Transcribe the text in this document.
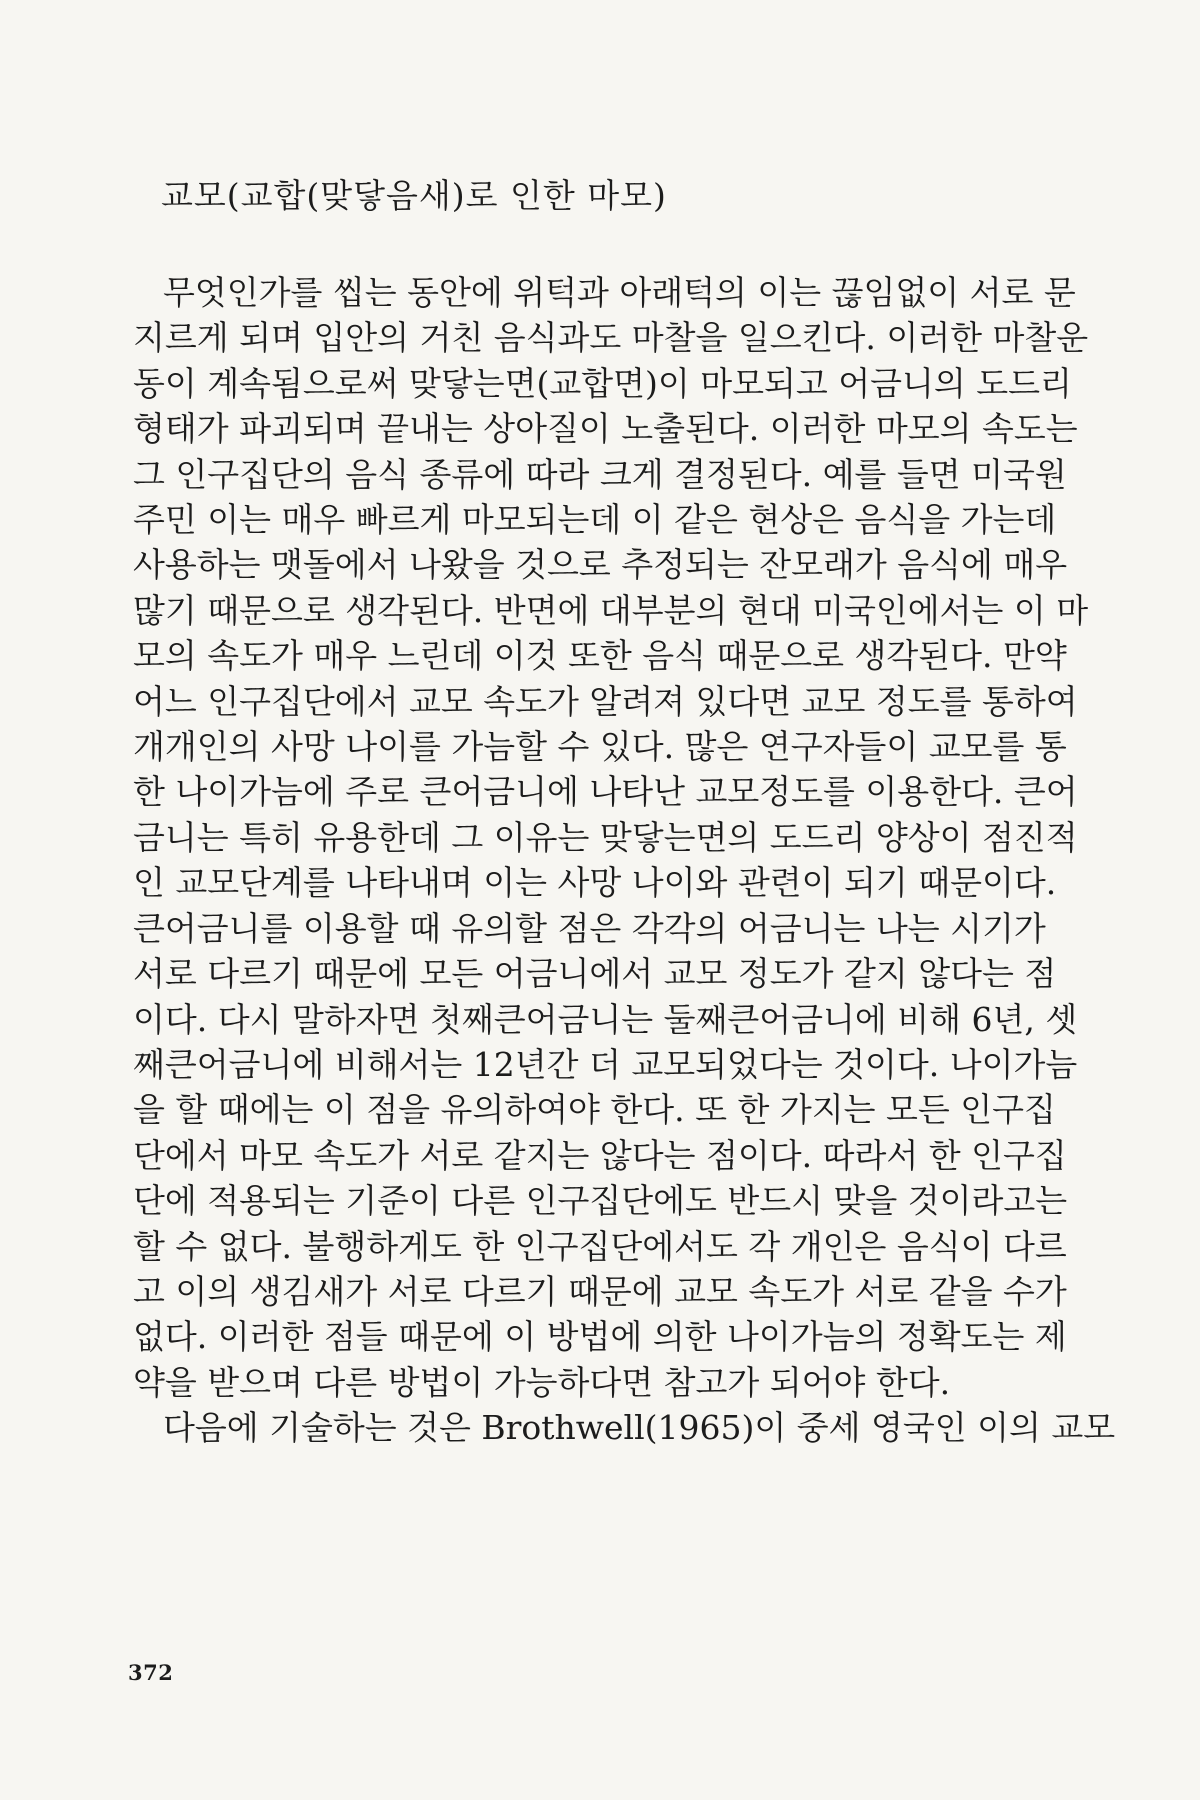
교모(교합(맞닿음새)로 인한 마모)
무엇인가를 씹는 동안에 위턱과 아래턱의 이는 끊임없이 서로 문
지르게 되며 입안의 거친 음식과도 마찰을 일으킨다. 이러한 마찰운
동이 계속됨으로써 맞닿는면(교합면)이 마모되고 어금니의 도드리
형태가 파괴되며 끝내는 상아질이 노출된다. 이러한 마모의 속도는
그 인구집단의 음식 종류에 따라 크게 결정된다. 예를 들면 미국원
주민 이는 매우 빠르게 마모되는데 이 같은 현상은 음식을 가는데
사용하는 맷돌에서 나왔을 것으로 추정되는 잔모래가 음식에 매우
많기 때문으로 생각된다. 반면에 대부분의 현대 미국인에서는 이 마
모의 속도가 매우 느린데 이것 또한 음식 때문으로 생각된다. 만약
어느 인구집단에서 교모 속도가 알려져 있다면 교모 정도를 통하여
개개인의 사망 나이를 가늠할 수 있다. 많은 연구자들이 교모를 통
한 나이가늠에 주로 큰어금니에 나타난 교모정도를 이용한다. 큰어
금니는 특히 유용한데 그 이유는 맞닿는면의 도드리 양상이 점진적
인 교모단계를 나타내며 이는 사망 나이와 관련이 되기 때문이다.
큰어금니를 이용할 때 유의할 점은 각각의 어금니는 나는 시기가
서로 다르기 때문에 모든 어금니에서 교모 정도가 같지 않다는 점
이다. 다시 말하자면 첫째큰어금니는 둘째큰어금니에 비해 6년, 셋
째큰어금니에 비해서는 12년간 더 교모되었다는 것이다. 나이가늠
을 할 때에는 이 점을 유의하여야 한다. 또 한 가지는 모든 인구집
단에서 마모 속도가 서로 같지는 않다는 점이다. 따라서 한 인구집
단에 적용되는 기준이 다른 인구집단에도 반드시 맞을 것이라고는
할 수 없다. 불행하게도 한 인구집단에서도 각 개인은 음식이 다르
고 이의 생김새가 서로 다르기 때문에 교모 속도가 서로 같을 수가
없다. 이러한 점들 때문에 이 방법에 의한 나이가늠의 정확도는 제
약을 받으며 다른 방법이 가능하다면 참고가 되어야 한다.
다음에 기술하는 것은 Brothwell(1965)이 중세 영국인 이의 교모
372
